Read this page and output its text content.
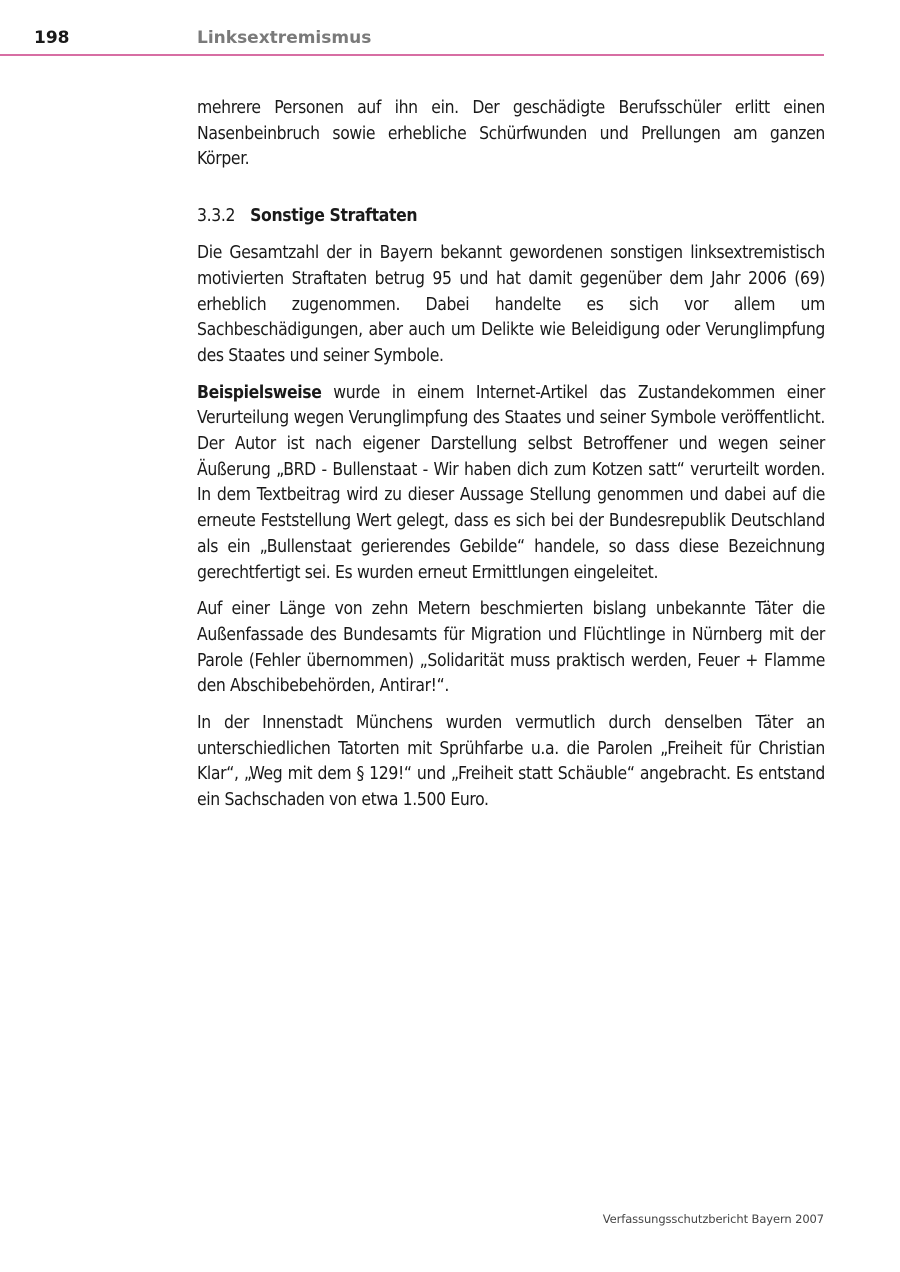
198	Linksextremismus

mehrere Personen auf ihn ein. Der geschädigte Berufsschüler erlitt einen Nasenbeinbruch sowie erhebliche Schürfwunden und Prellungen am ganzen Körper.

3.3.2 Sonstige Straftaten

Die Gesamtzahl der in Bayern bekannt gewordenen sonstigen linksextremistisch motivierten Straftaten betrug 95 und hat damit gegenüber dem Jahr 2006 (69) erheblich zugenommen. Dabei handelte es sich vor allem um Sachbeschädigungen, aber auch um Delikte wie Beleidigung oder Verunglimpfung des Staates und seiner Symbole.

Beispielsweise wurde in einem Internet-Artikel das Zustandekommen einer Verurteilung wegen Verunglimpfung des Staates und seiner Symbole veröffentlicht. Der Autor ist nach eigener Darstellung selbst Betroffener und wegen seiner Äußerung „BRD - Bullenstaat - Wir haben dich zum Kotzen satt“ verurteilt worden. In dem Textbeitrag wird zu dieser Aussage Stellung genommen und dabei auf die erneute Feststellung Wert gelegt, dass es sich bei der Bundesrepublik Deutschland als ein „Bullenstaat gerierendes Gebilde“ handele, so dass diese Bezeichnung gerechtfertigt sei. Es wurden erneut Ermittlungen eingeleitet.

Auf einer Länge von zehn Metern beschmierten bislang unbekannte Täter die Außenfassade des Bundesamts für Migration und Flüchtlinge in Nürnberg mit der Parole (Fehler übernommen) „Solidarität muss praktisch werden, Feuer + Flamme den Abschibebehörden, Antirar!“.

In der Innenstadt Münchens wurden vermutlich durch denselben Täter an unterschiedlichen Tatorten mit Sprühfarbe u.a. die Parolen „Freiheit für Christian Klar“, „Weg mit dem § 129!“ und „Freiheit statt Schäuble“ angebracht. Es entstand ein Sachschaden von etwa 1.500 Euro.

Verfassungsschutzbericht Bayern 2007
